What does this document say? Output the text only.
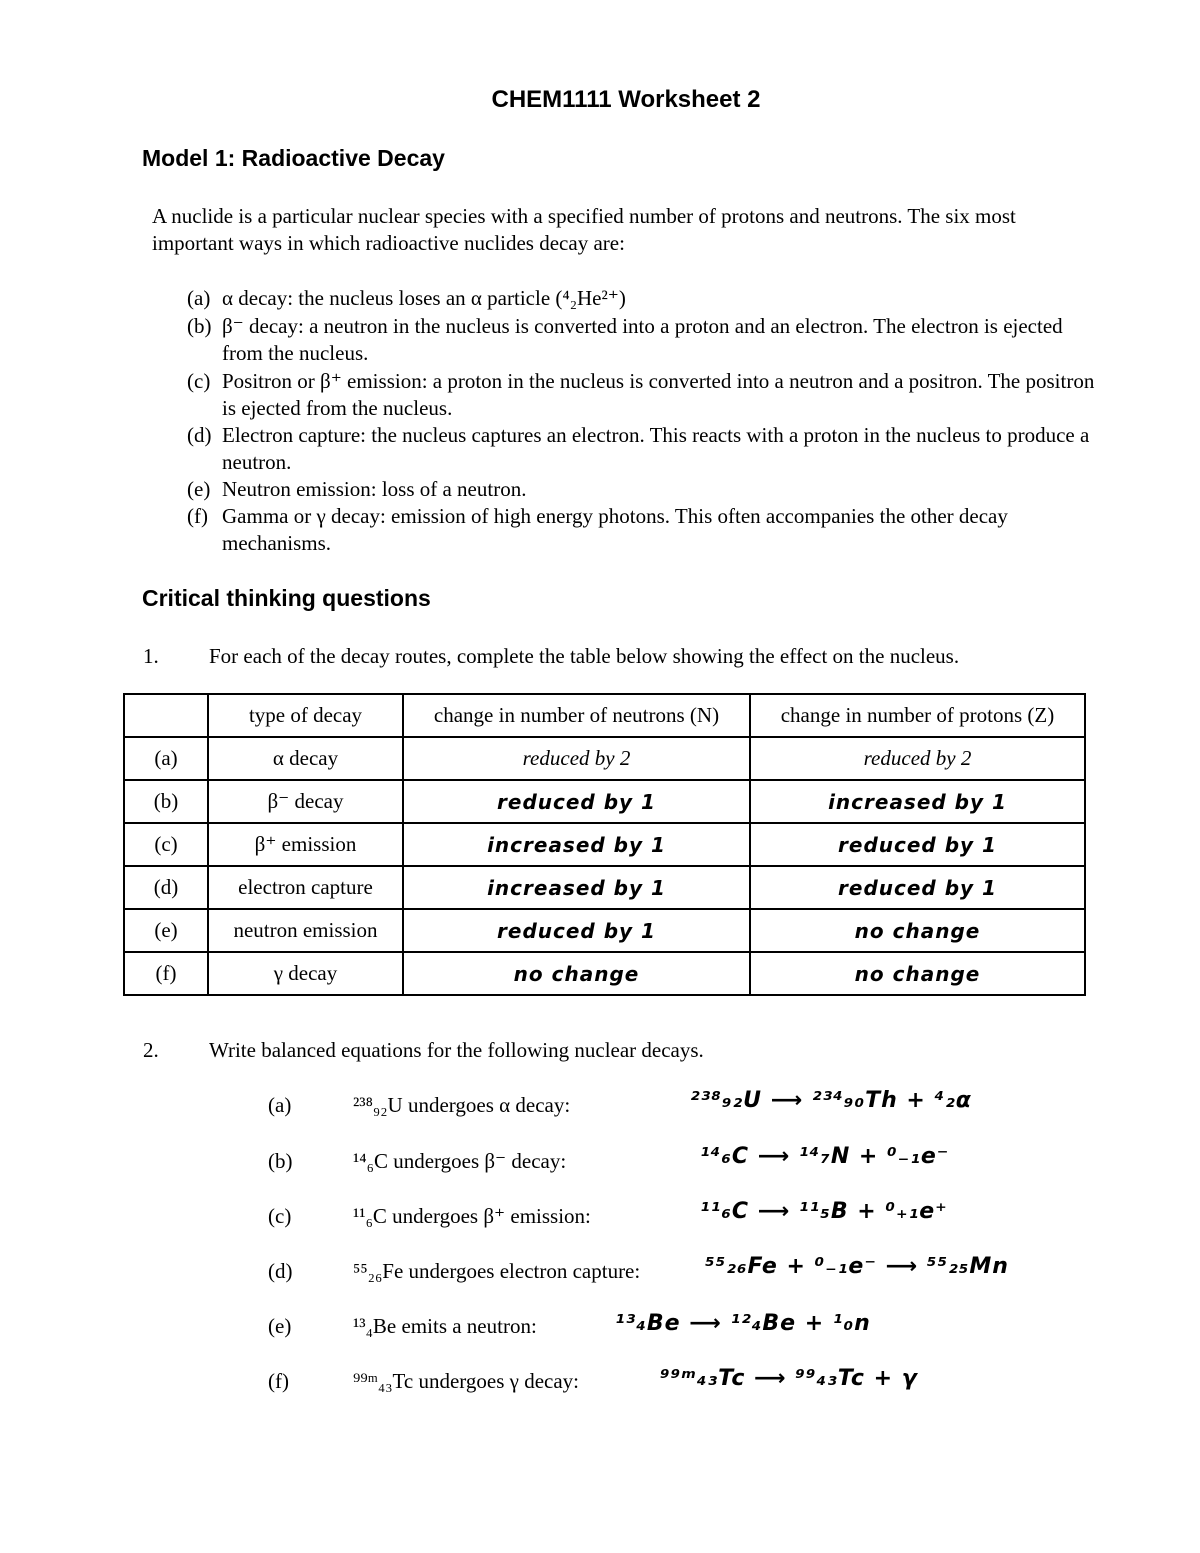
CHEM1111 Worksheet 2
Model 1: Radioactive Decay
A nuclide is a particular nuclear species with a specified number of protons and neutrons. The six most important ways in which radioactive nuclides decay are:
(a) α decay: the nucleus loses an α particle (⁴₂He²⁺)
(b) β⁻ decay: a neutron in the nucleus is converted into a proton and an electron. The electron is ejected from the nucleus.
(c) Positron or β⁺ emission: a proton in the nucleus is converted into a neutron and a positron. The positron is ejected from the nucleus.
(d) Electron capture: the nucleus captures an electron. This reacts with a proton in the nucleus to produce a neutron.
(e) Neutron emission: loss of a neutron.
(f) Gamma or γ decay: emission of high energy photons. This often accompanies the other decay mechanisms.
Critical thinking questions
1. For each of the decay routes, complete the table below showing the effect on the nucleus.
	type of decay	change in number of neutrons (N)	change in number of protons (Z)
(a)	α decay	reduced by 2	reduced by 2
(b)	β⁻ decay	reduced by 1	increased by 1
(c)	β⁺ emission	increased by 1	reduced by 1
(d)	electron capture	increased by 1	reduced by 1
(e)	neutron emission	reduced by 1	no change
(f)	γ decay	no change	no change
2. Write balanced equations for the following nuclear decays.
(a)	²³⁸₉₂U undergoes α decay:	²³⁸₉₂U ⟶ ²³⁴₉₀Th + ⁴₂α
(b)	¹⁴₆C undergoes β⁻ decay:	¹⁴₆C ⟶ ¹⁴₇N + ⁰₋₁e⁻
(c)	¹¹₆C undergoes β⁺ emission:	¹¹₆C ⟶ ¹¹₅B + ⁰₊₁e⁺
(d)	⁵⁵₂₆Fe undergoes electron capture:	⁵⁵₂₆Fe + ⁰₋₁e⁻ ⟶ ⁵⁵₂₅Mn
(e)	¹³₄Be emits a neutron:	¹³₄Be ⟶ ¹²₄Be + ¹₀n
(f)	⁹⁹ᵐ₄₃Tc undergoes γ decay:	⁹⁹ᵐ₄₃Tc ⟶ ⁹⁹₄₃Tc + γ
